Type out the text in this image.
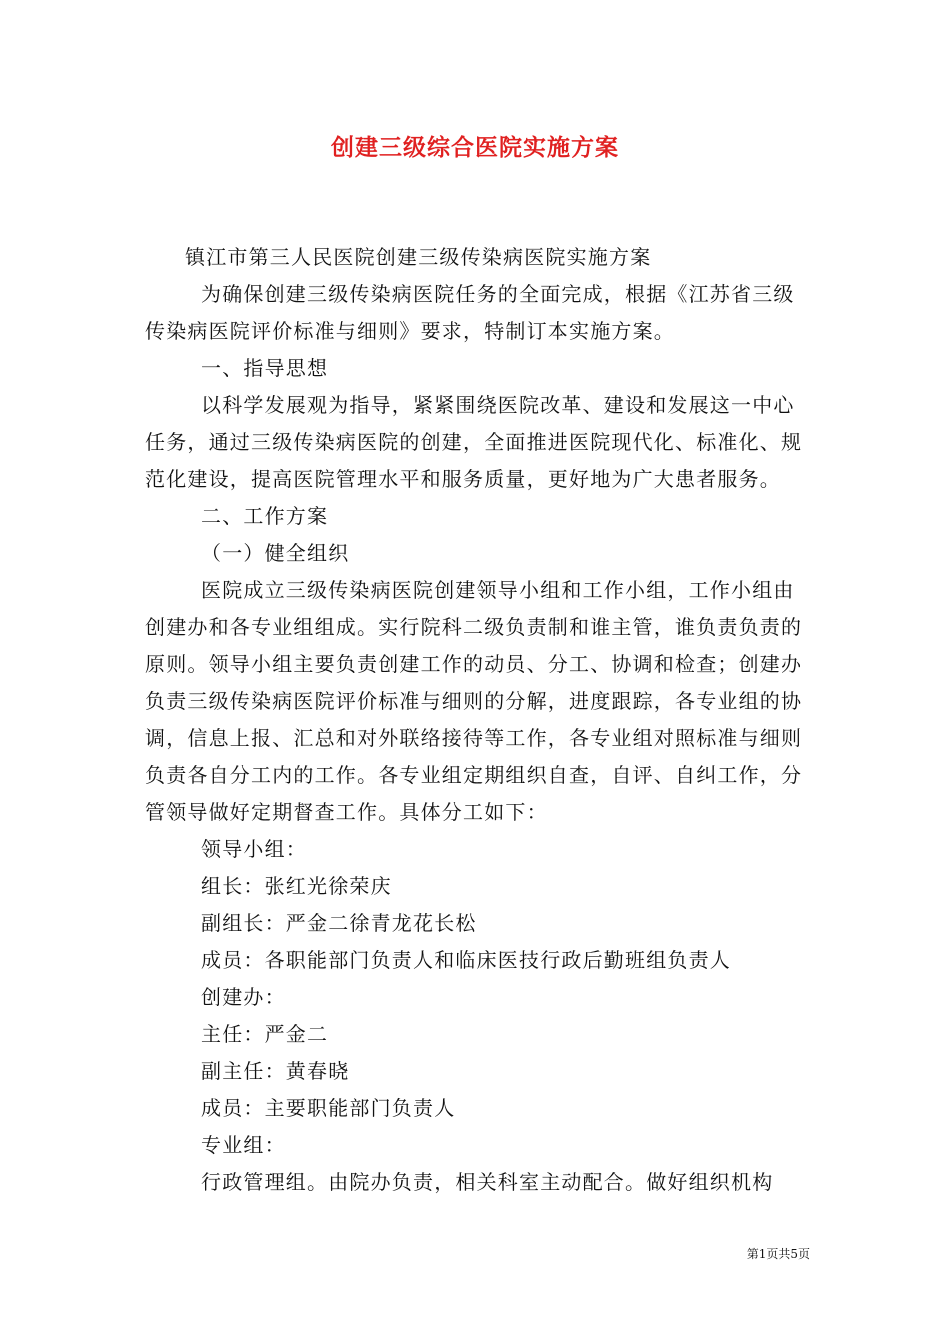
创建三级综合医院实施方案

镇江市第三人民医院创建三级传染病医院实施方案

为确保创建三级传染病医院任务的全面完成，根据《江苏省三级传染病医院评价标准与细则》要求，特制订本实施方案。

一、指导思想

以科学发展观为指导，紧紧围绕医院改革、建设和发展这一中心任务，通过三级传染病医院的创建，全面推进医院现代化、标准化、规范化建设，提高医院管理水平和服务质量，更好地为广大患者服务。

二、工作方案

（一）健全组织

医院成立三级传染病医院创建领导小组和工作小组，工作小组由创建办和各专业组组成。实行院科二级负责制和谁主管，谁负责负责的原则。领导小组主要负责创建工作的动员、分工、协调和检查；创建办负责三级传染病医院评价标准与细则的分解，进度跟踪，各专业组的协调，信息上报、汇总和对外联络接待等工作，各专业组对照标准与细则负责各自分工内的工作。各专业组定期组织自查，自评、自纠工作，分管领导做好定期督查工作。具体分工如下：

领导小组：

组长：张红光徐荣庆

副组长：严金二徐青龙花长松

成员：各职能部门负责人和临床医技行政后勤班组负责人

创建办：

主任：严金二

副主任：黄春晓

成员：主要职能部门负责人

专业组：

行政管理组。由院办负责，相关科室主动配合。做好组织机构

第1页共5页
